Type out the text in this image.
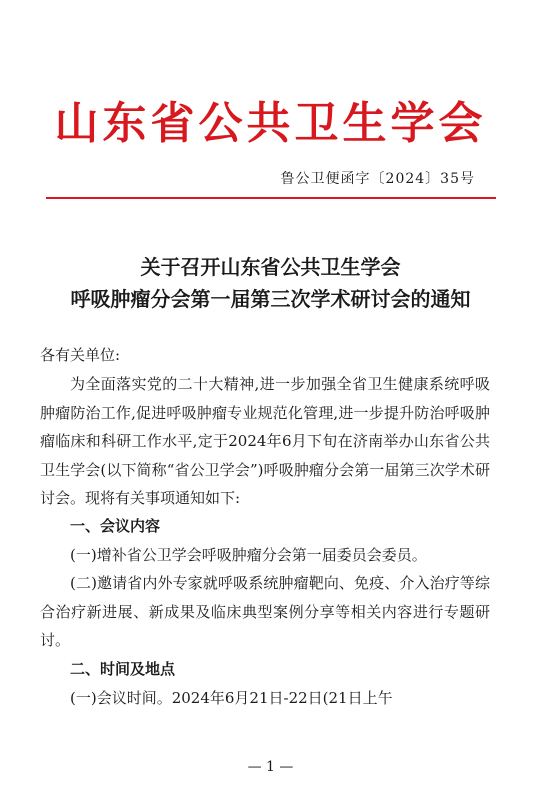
山东省公共卫生学会
鲁公卫便函字〔2024〕35号
关于召开山东省公共卫生学会
呼吸肿瘤分会第一届第三次学术研讨会的通知
各有关单位:
为全面落实党的二十大精神,进一步加强全省卫生健康系统呼吸肿瘤防治工作,促进呼吸肿瘤专业规范化管理,进一步提升防治呼吸肿瘤临床和科研工作水平,定于2024年6月下旬在济南举办山东省公共卫生学会(以下简称“省公卫学会”)呼吸肿瘤分会第一届第三次学术研讨会。现将有关事项通知如下:
一、会议内容
(一)增补省公卫学会呼吸肿瘤分会第一届委员会委员。
(二)邀请省内外专家就呼吸系统肿瘤靶向、免疫、介入治疗等综合治疗新进展、新成果及临床典型案例分享等相关内容进行专题研讨。
二、时间及地点
(一)会议时间。2024年6月21日-22日(21日上午
— 1 —
